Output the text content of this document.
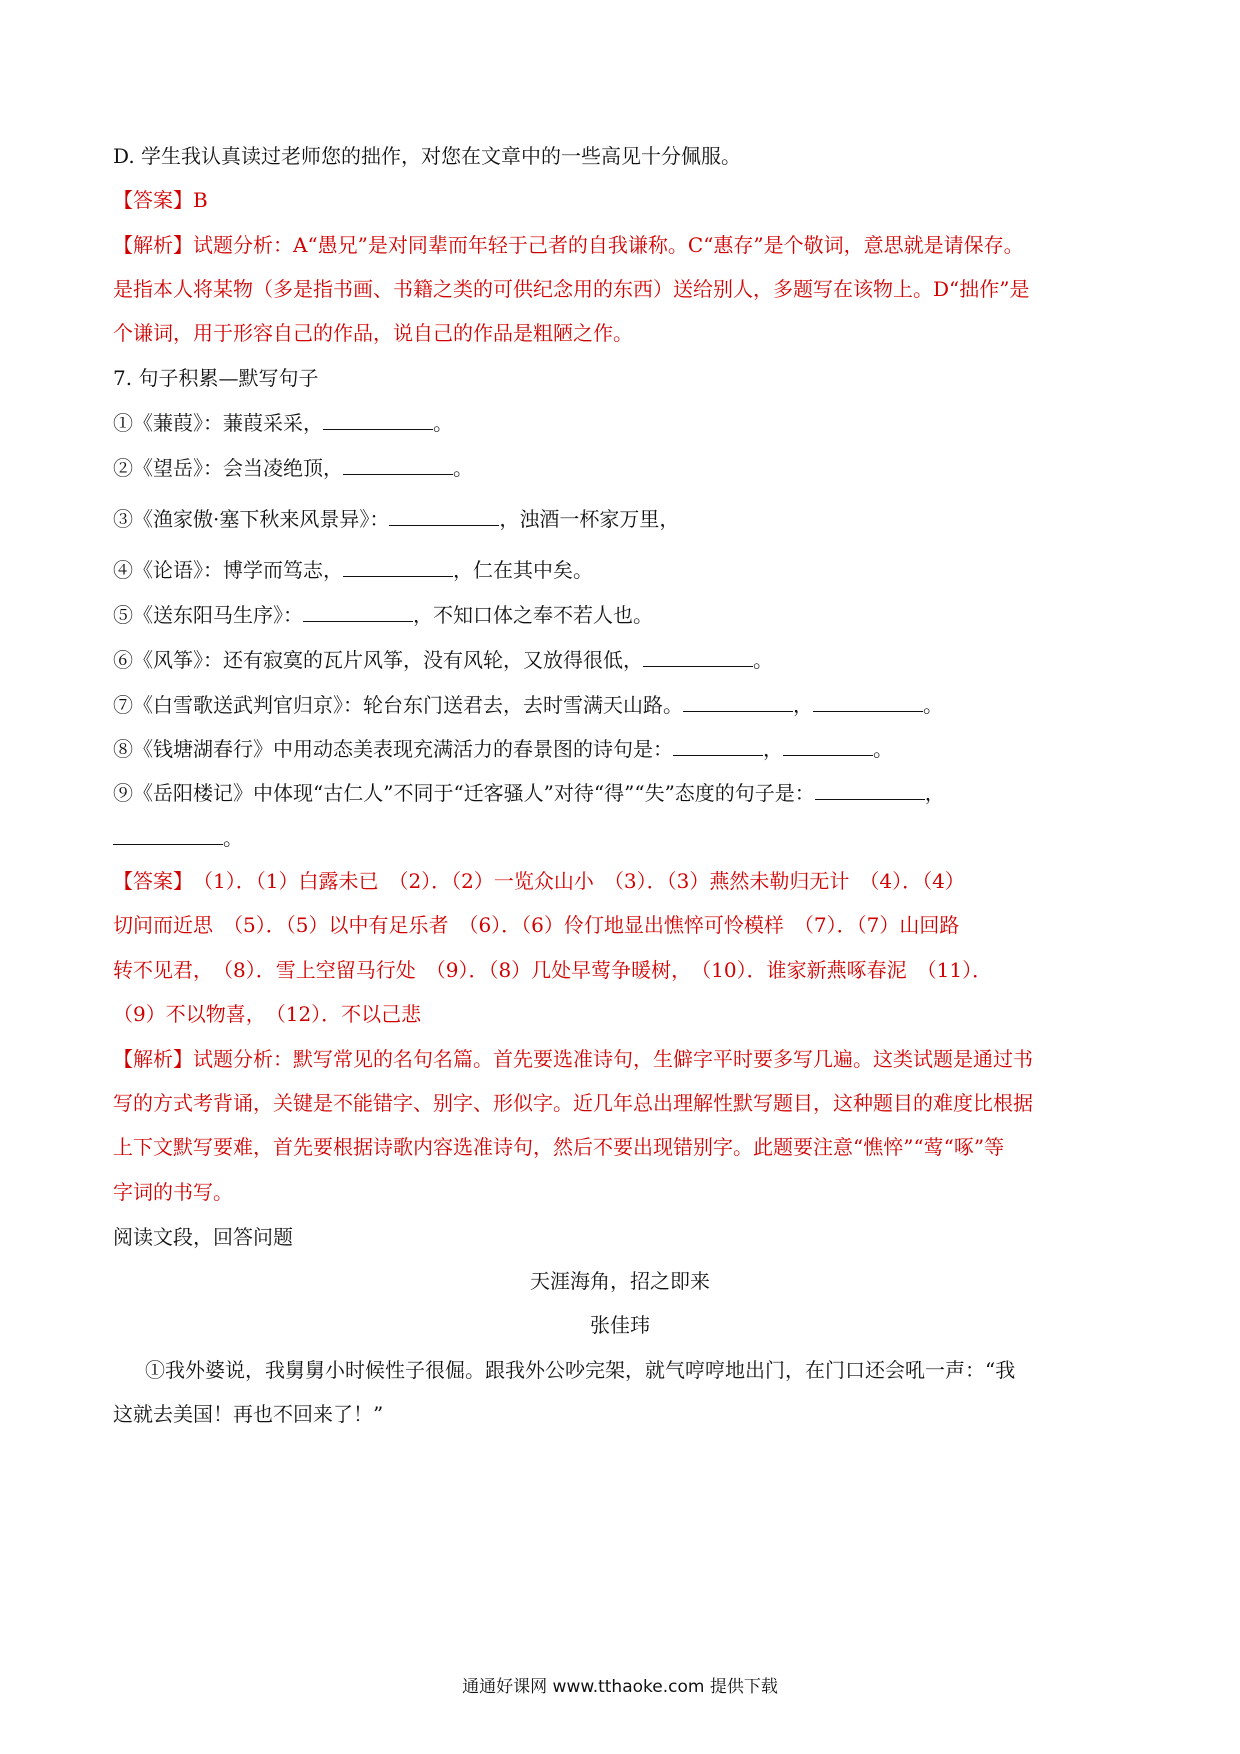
D. 学生我认真读过老师您的拙作，对您在文章中的一些高见十分佩服。
【答案】B
【解析】试题分析：A“愚兄”是对同辈而年轻于己者的自我谦称。C“惠存”是个敬词，意思就是请保存。
是指本人将某物（多是指书画、书籍之类的可供纪念用的东西）送给别人，多题写在该物上。D“拙作”是
个谦词，用于形容自己的作品，说自己的作品是粗陋之作。
7. 句子积累—默写句子
①《蒹葭》：蒹葭采采，	。
②《望岳》：会当凌绝顶，	。
③《渔家傲·塞下秋来风景异》：	，浊酒一杯家万里，
④《论语》：博学而笃志，	，仁在其中矣。
⑤《送东阳马生序》：	，不知口体之奉不若人也。
⑥《风筝》：还有寂寞的瓦片风筝，没有风轮，又放得很低，	。
⑦《白雪歌送武判官归京》：轮台东门送君去，去时雪满天山路。	，	。
⑧《钱塘湖春行》中用动态美表现充满活力的春景图的诗句是：	，	。
⑨《岳阳楼记》中体现“古仁人”不同于“迁客骚人”对待“得”“失”态度的句子是：	，
。
【答案】　（1）．（1）白露未已　（2）．（2）一览众山小　（3）．（3）燕然未勒归无计　（4）．（4）
切问而近思　（5）．（5）以中有足乐者　（6）．（6）伶仃地显出憔悴可怜模样　（7）．（7）山回路
转不见君，　（8）．雪上空留马行处　（9）．（8）几处早莺争暖树，　（10）．谁家新燕啄春泥　（11）．
（9）不以物喜，　（12）．不以己悲
【解析】试题分析：默写常见的名句名篇。首先要选准诗句，生僻字平时要多写几遍。这类试题是通过书
写的方式考背诵，关键是不能错字、别字、形似字。近几年总出理解性默写题目，这种题目的难度比根据
上下文默写要难，首先要根据诗歌内容选准诗句，然后不要出现错别字。此题要注意“憔悴”“莺“啄”等
字词的书写。
阅读文段，回答问题
天涯海角，招之即来
张佳玮
①我外婆说，我舅舅小时候性子很倔。跟我外公吵完架，就气哼哼地出门，在门口还会吼一声：“我
这就去美国！再也不回来了！”
通通好课网 www.tthaoke.com 提供下载
